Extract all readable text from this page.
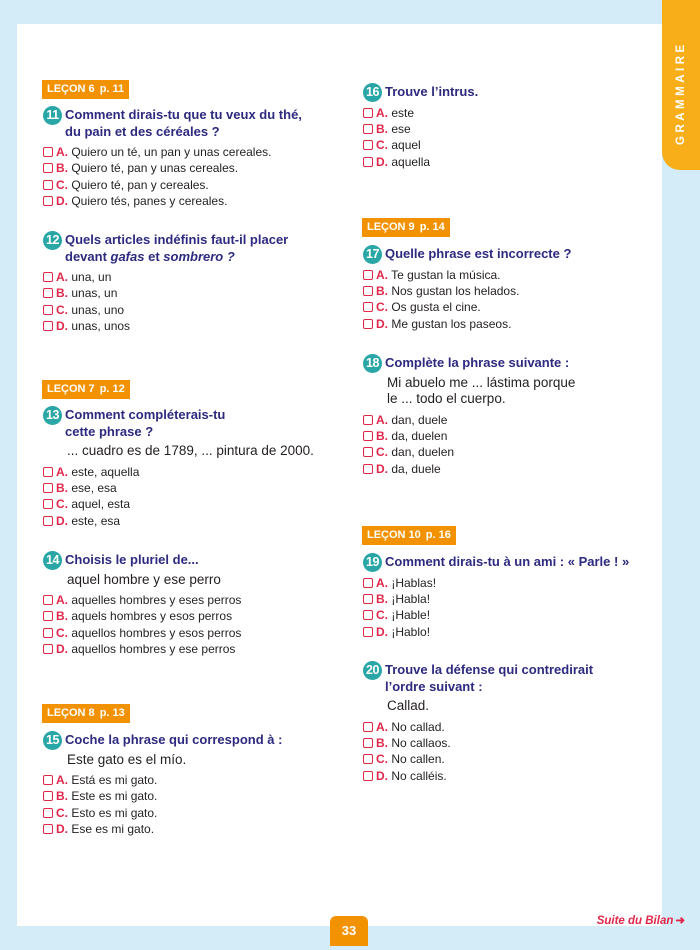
GRAMMAIRE
LEÇON 6 p. 11
11 Comment dirais-tu que tu veux du thé,
du pain et des céréales ?
A. Quiero un té, un pan y unas cereales.
B. Quiero té, pan y unas cereales.
C. Quiero té, pan y cereales.
D. Quiero tés, panes y cereales.
12 Quels articles indéfinis faut-il placer
devant gafas et sombrero ?
A. una, un
B. unas, un
C. unas, uno
D. unas, unos
LEÇON 7 p. 12
13 Comment compléterais-tu
cette phrase ?
... cuadro es de 1789, ... pintura de 2000.
A. este, aquella
B. ese, esa
C. aquel, esta
D. este, esa
14 Choisis le pluriel de...
aquel hombre y ese perro
A. aquelles hombres y eses perros
B. aquels hombres y esos perros
C. aquellos hombres y esos perros
D. aquellos hombres y ese perros
LEÇON 8 p. 13
15 Coche la phrase qui correspond à :
Este gato es el mío.
A. Está es mi gato.
B. Este es mi gato.
C. Esto es mi gato.
D. Ese es mi gato.
16 Trouve l’intrus.
A. este
B. ese
C. aquel
D. aquella
LEÇON 9 p. 14
17 Quelle phrase est incorrecte ?
A. Te gustan la música.
B. Nos gustan los helados.
C. Os gusta el cine.
D. Me gustan los paseos.
18 Complète la phrase suivante :
Mi abuelo me ... lástima porque
le ... todo el cuerpo.
A. dan, duele
B. da, duelen
C. dan, duelen
D. da, duele
LEÇON 10 p. 16
19 Comment dirais-tu à un ami : « Parle ! »
A. ¡Hablas!
B. ¡Habla!
C. ¡Hable!
D. ¡Hablo!
20 Trouve la défense qui contredirait
l’ordre suivant :
Callad.
A. No callad.
B. No callaos.
C. No callen.
D. No calléis.
33
Suite du Bilan ➜
